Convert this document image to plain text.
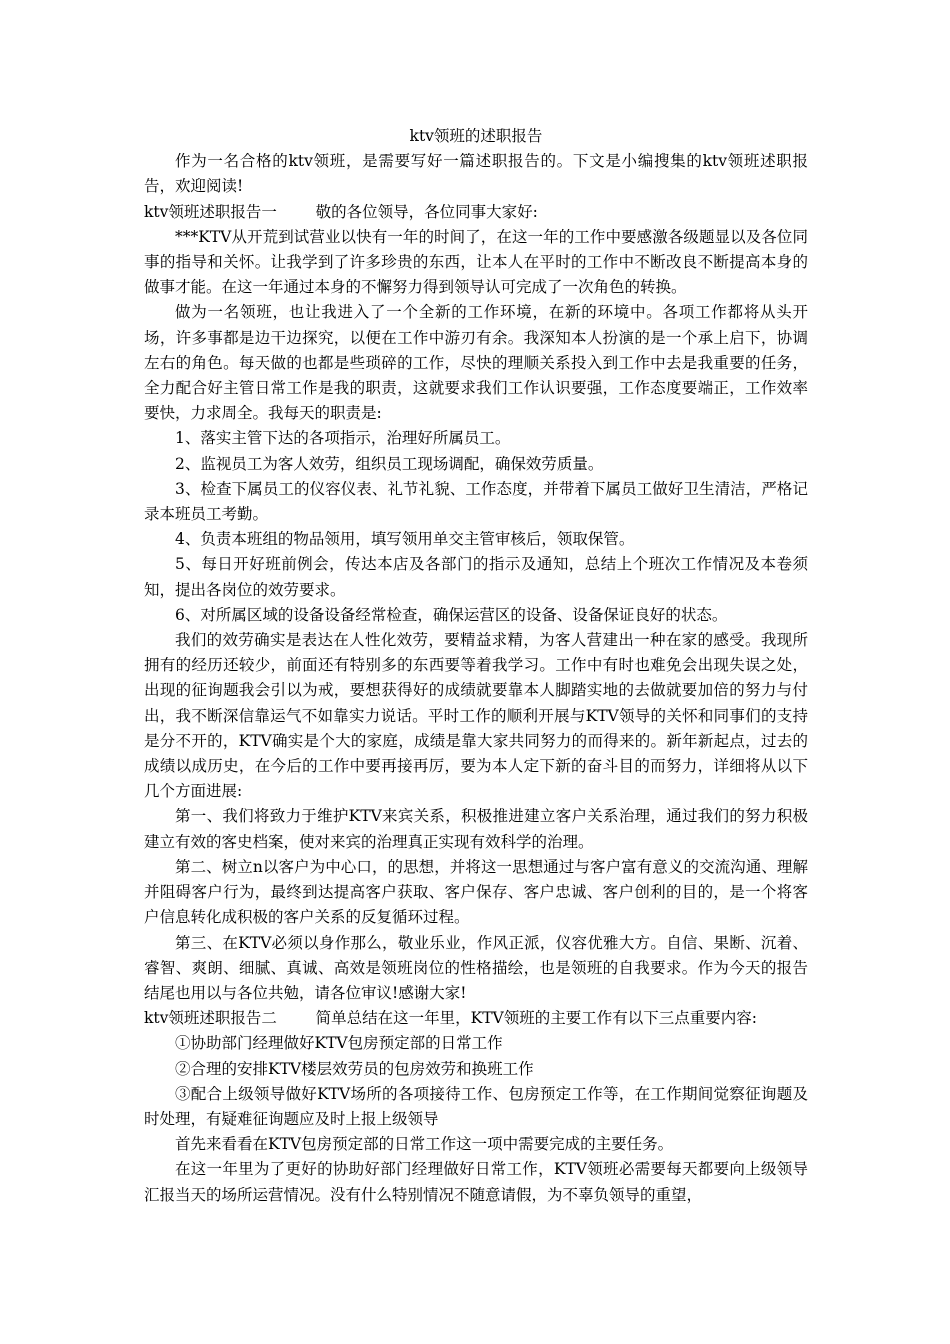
ktv领班的述职报告

作为一名合格的ktv领班，是需要写好一篇述职报告的。下文是小编搜集的ktv领班述职报告，欢迎阅读!

ktv领班述职报告一	敬的各位领导，各位同事大家好:

***KTV从开荒到试营业以快有一年的时间了，在这一年的工作中要感激各级题显以及各位同事的指导和关怀。让我学到了许多珍贵的东西，让本人在平时的工作中不断改良不断提高本身的做事才能。在这一年通过本身的不懈努力得到领导认可完成了一次角色的转换。

做为一名领班，也让我进入了一个全新的工作环境，在新的环境中。各项工作都将从头开场，许多事都是边干边探究，以便在工作中游刃有余。我深知本人扮演的是一个承上启下，协调左右的角色。每天做的也都是些琐碎的工作，尽快的理顺关系投入到工作中去是我重要的任务，全力配合好主管日常工作是我的职责，这就要求我们工作认识要强，工作态度要端正，工作效率要快，力求周全。我每天的职责是:

1、落实主管下达的各项指示，治理好所属员工。

2、监视员工为客人效劳，组织员工现场调配，确保效劳质量。

3、检查下属员工的仪容仪表、礼节礼貌、工作态度，并带着下属员工做好卫生清洁，严格记录本班员工考勤。

4、负责本班组的物品领用，填写领用单交主管审核后，领取保管。

5、每日开好班前例会，传达本店及各部门的指示及通知，总结上个班次工作情况及本卷须知，提出各岗位的效劳要求。

6、对所属区域的设备设备经常检查，确保运营区的设备、设备保证良好的状态。

我们的效劳确实是表达在人性化效劳，要精益求精，为客人营建出一种在家的感受。我现所拥有的经历还较少，前面还有特别多的东西要等着我学习。工作中有时也难免会出现失误之处，出现的征询题我会引以为戒，要想获得好的成绩就要靠本人脚踏实地的去做就要加倍的努力与付出，我不断深信靠运气不如靠实力说话。平时工作的顺利开展与KTV领导的关怀和同事们的支持是分不开的，KTV确实是个大的家庭，成绩是靠大家共同努力的而得来的。新年新起点，过去的成绩以成历史，在今后的工作中要再接再厉，要为本人定下新的奋斗目的而努力，详细将从以下几个方面进展:

第一、我们将致力于维护KTV来宾关系，积极推进建立客户关系治理，通过我们的努力积极建立有效的客史档案，使对来宾的治理真正实现有效科学的治理。

第二、树立n以客户为中心口，的思想，并将这一思想通过与客户富有意义的交流沟通、理解并阻碍客户行为，最终到达提高客户获取、客户保存、客户忠诚、客户创利的目的，是一个将客户信息转化成积极的客户关系的反复循环过程。

第三、在KTV必须以身作那么，敬业乐业，作风正派，仪容优雅大方。自信、果断、沉着、睿智、爽朗、细腻、真诚、高效是领班岗位的性格描绘，也是领班的自我要求。作为今天的报告结尾也用以与各位共勉，请各位审议!感谢大家!

ktv领班述职报告二	简单总结在这一年里，KTV领班的主要工作有以下三点重要内容:

①协助部门经理做好KTV包房预定部的日常工作

②合理的安排KTV楼层效劳员的包房效劳和换班工作

③配合上级领导做好KTV场所的各项接待工作、包房预定工作等，在工作期间觉察征询题及时处理，有疑难征询题应及时上报上级领导

首先来看看在KTV包房预定部的日常工作这一项中需要完成的主要任务。

在这一年里为了更好的协助好部门经理做好日常工作，KTV领班必需要每天都要向上级领导汇报当天的场所运营情况。没有什么特别情况不随意请假，为不辜负领导的重望，
